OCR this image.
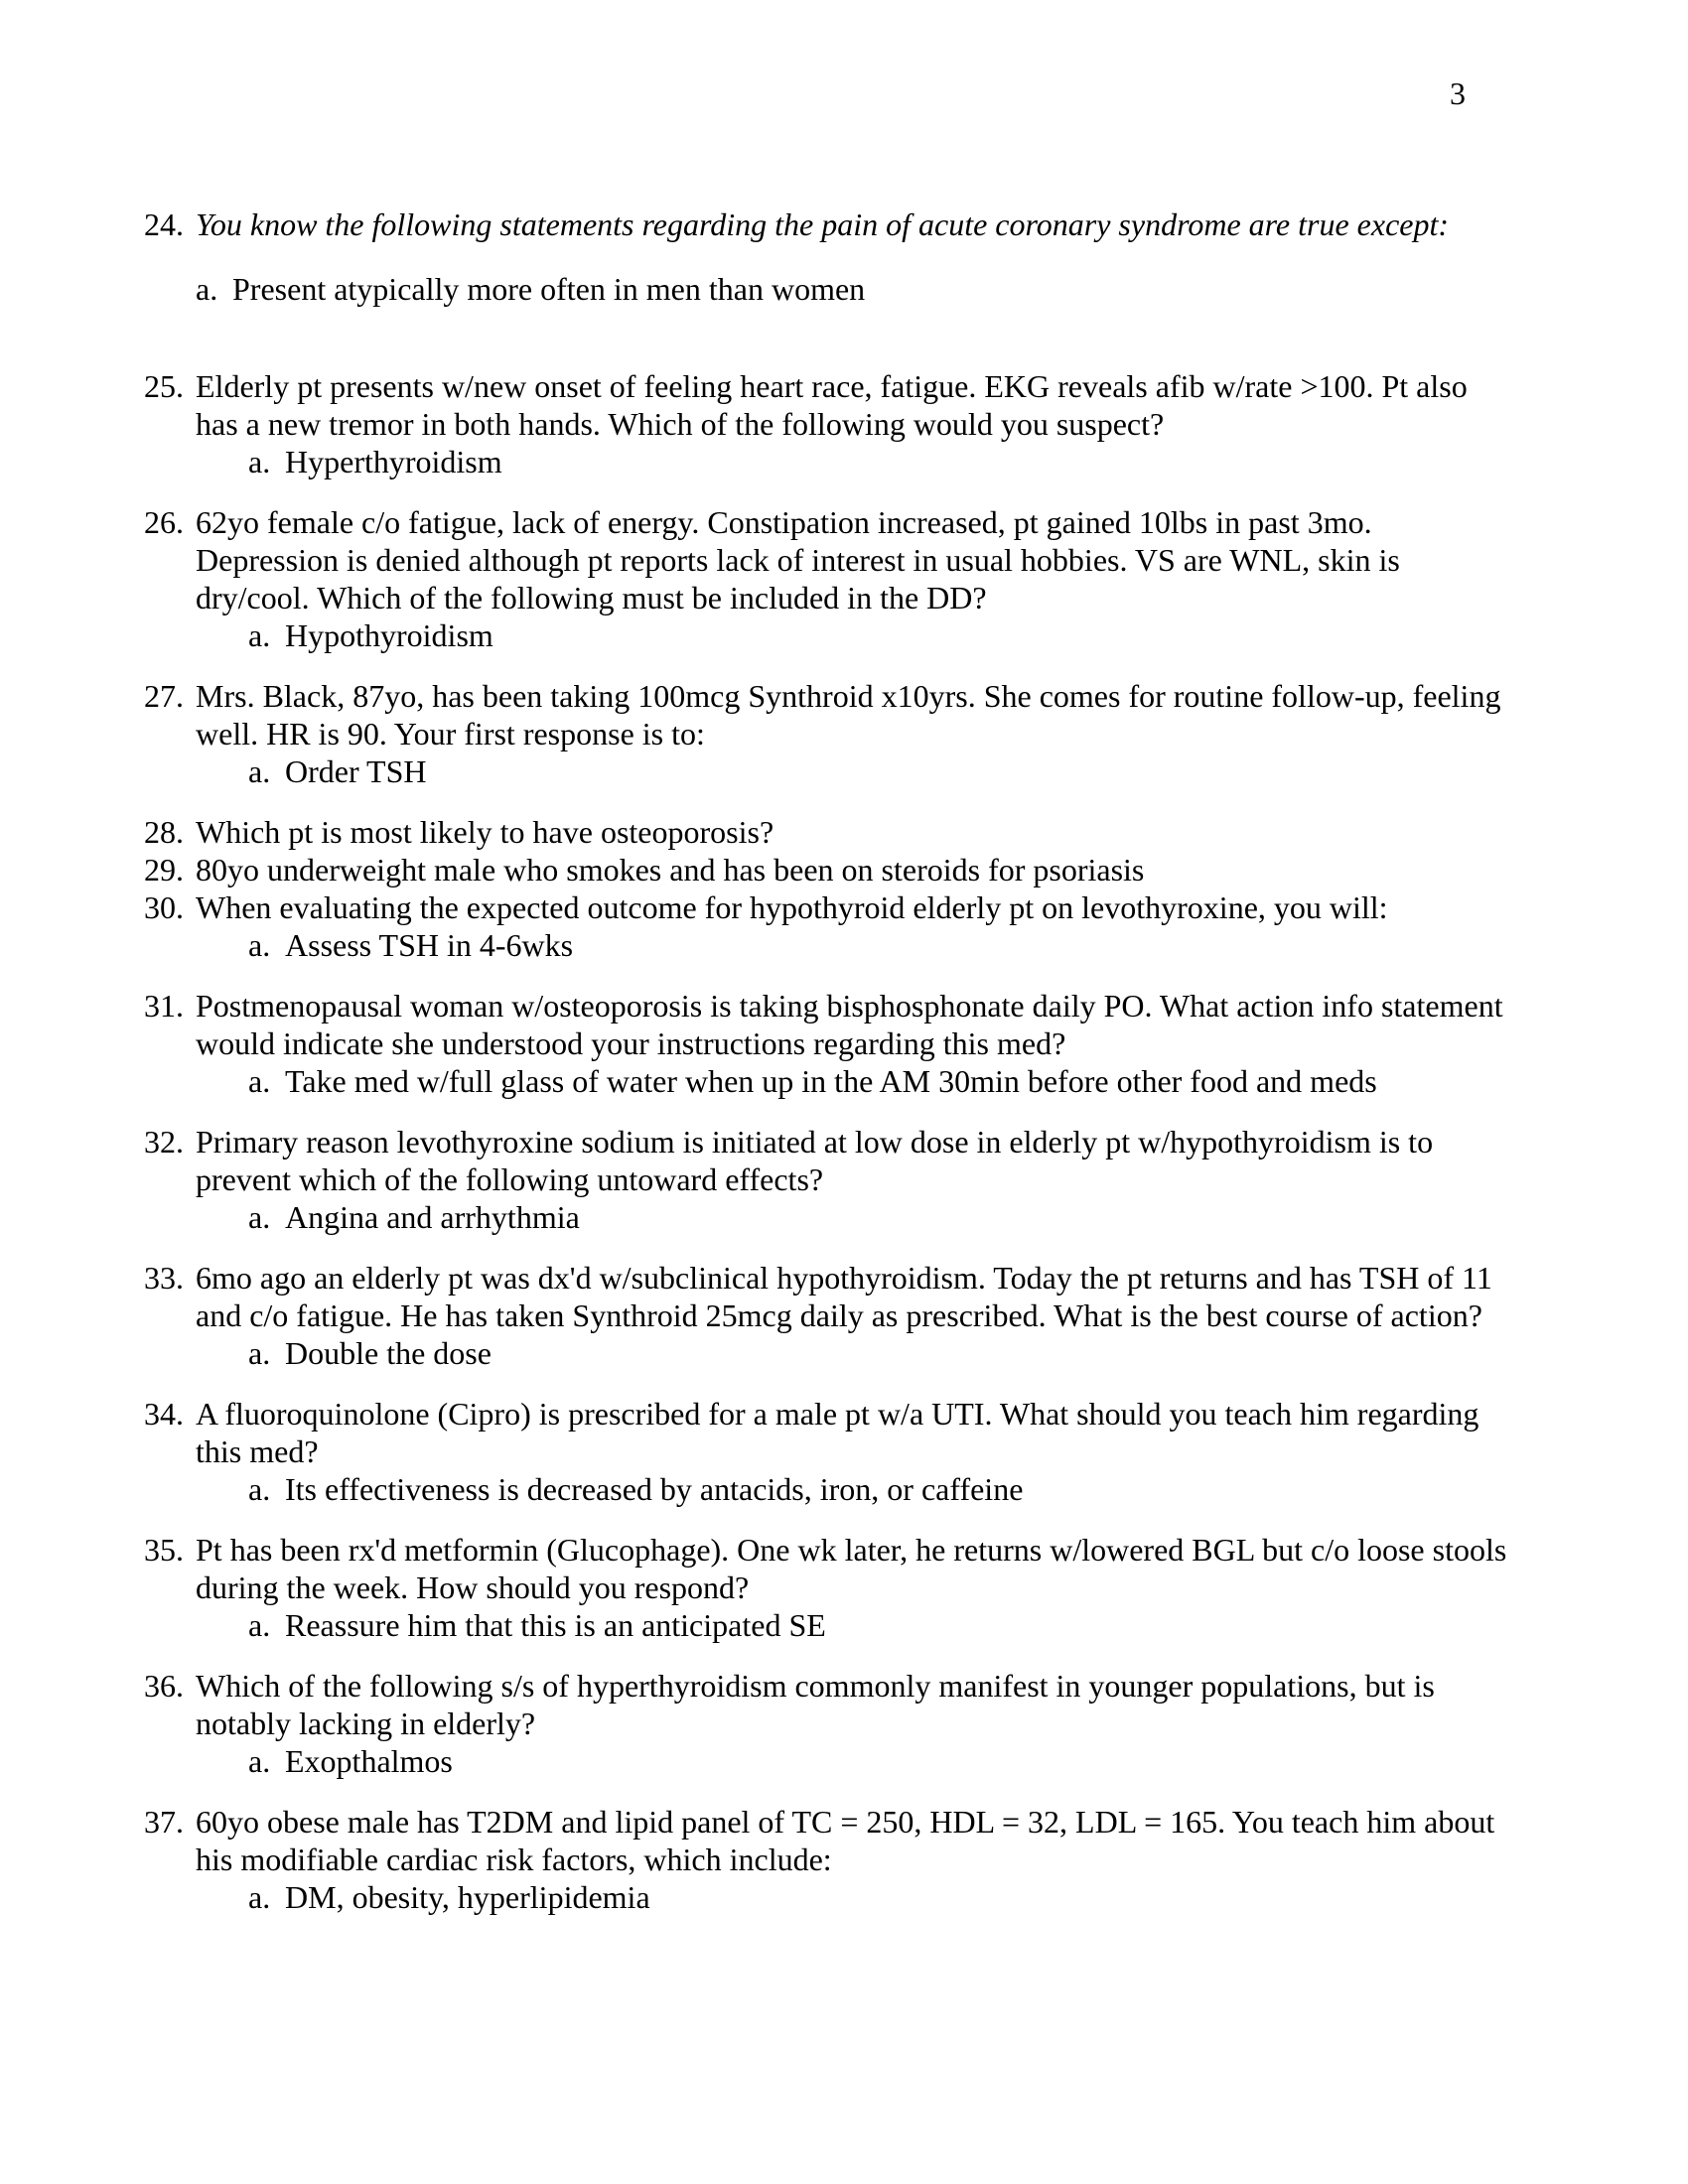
3
24. You know the following statements regarding the pain of acute coronary syndrome are true except:
a. Present atypically more often in men than women
25. Elderly pt presents w/new onset of feeling heart race, fatigue. EKG reveals afib w/rate >100. Pt also has a new tremor in both hands. Which of the following would you suspect?
a. Hyperthyroidism
26. 62yo female c/o fatigue, lack of energy. Constipation increased, pt gained 10lbs in past 3mo. Depression is denied although pt reports lack of interest in usual hobbies. VS are WNL, skin is dry/cool. Which of the following must be included in the DD?
a. Hypothyroidism
27. Mrs. Black, 87yo, has been taking 100mcg Synthroid x10yrs. She comes for routine follow-up, feeling well. HR is 90. Your first response is to:
a. Order TSH
28. Which pt is most likely to have osteoporosis?
29. 80yo underweight male who smokes and has been on steroids for psoriasis
30. When evaluating the expected outcome for hypothyroid elderly pt on levothyroxine, you will:
a. Assess TSH in 4-6wks
31. Postmenopausal woman w/osteoporosis is taking bisphosphonate daily PO. What action info statement would indicate she understood your instructions regarding this med?
a. Take med w/full glass of water when up in the AM 30min before other food and meds
32. Primary reason levothyroxine sodium is initiated at low dose in elderly pt w/hypothyroidism is to prevent which of the following untoward effects?
a. Angina and arrhythmia
33. 6mo ago an elderly pt was dx'd w/subclinical hypothyroidism. Today the pt returns and has TSH of 11 and c/o fatigue. He has taken Synthroid 25mcg daily as prescribed. What is the best course of action?
a. Double the dose
34. A fluoroquinolone (Cipro) is prescribed for a male pt w/a UTI. What should you teach him regarding this med?
a. Its effectiveness is decreased by antacids, iron, or caffeine
35. Pt has been rx'd metformin (Glucophage). One wk later, he returns w/lowered BGL but c/o loose stools during the week. How should you respond?
a. Reassure him that this is an anticipated SE
36. Which of the following s/s of hyperthyroidism commonly manifest in younger populations, but is notably lacking in elderly?
a. Exopthalmos
37. 60yo obese male has T2DM and lipid panel of TC = 250, HDL = 32, LDL = 165. You teach him about his modifiable cardiac risk factors, which include:
a. DM, obesity, hyperlipidemia
